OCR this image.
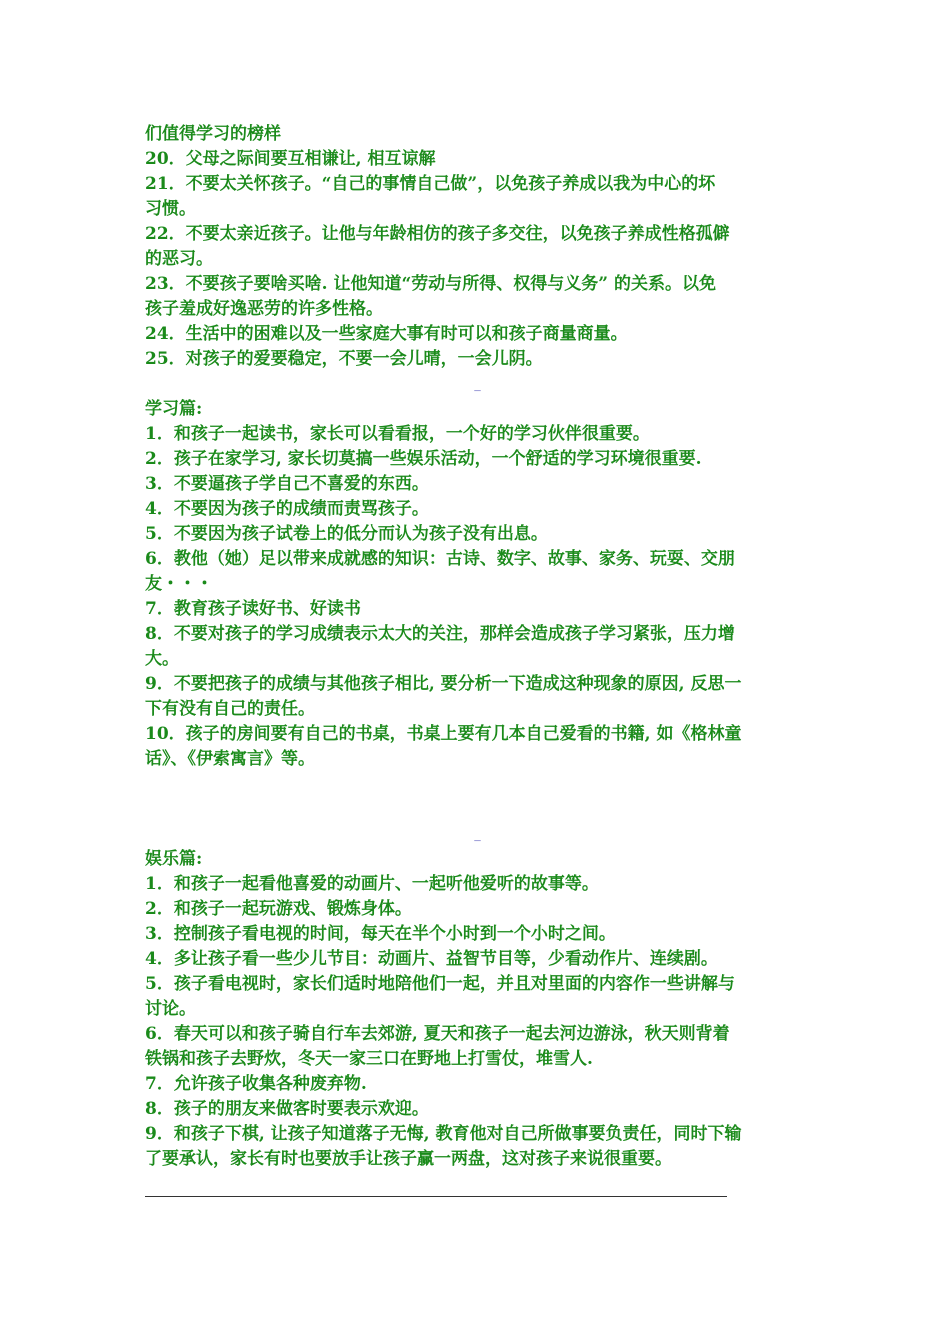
们值得学习的榜样
20．父母之际间要互相谦让, 相互谅解
21．不要太关怀孩子。“自己的事情自己做”，以免孩子养成以我为中心的坏
习惯。
22．不要太亲近孩子。让他与年龄相仿的孩子多交往，以免孩子养成性格孤僻
的恶习。
23．不要孩子要啥买啥. 让他知道“劳动与所得、权得与义务” 的关系。以免
孩子羞成好逸恶劳的许多性格。
24．生活中的困难以及一些家庭大事有时可以和孩子商量商量。
25．对孩子的爱要稳定，不要一会儿晴，一会儿阴。
_
学习篇:
1．和孩子一起读书，家长可以看看报，一个好的学习伙伴很重要。
2．孩子在家学习, 家长切莫搞一些娱乐活动，一个舒适的学习环境很重要.
3．不要逼孩子学自己不喜爱的东西。
4．不要因为孩子的成绩而责骂孩子。
5．不要因为孩子试卷上的低分而认为孩子没有出息。
6．教他（她）足以带来成就感的知识：古诗、数字、故事、家务、玩耍、交朋
友・・・
7．教育孩子读好书、好读书
8．不要对孩子的学习成绩表示太大的关注，那样会造成孩子学习紧张，压力增
大。
9．不要把孩子的成绩与其他孩子相比, 要分析一下造成这种现象的原因, 反思一
下有没有自己的责任。
10．孩子的房间要有自己的书桌，书桌上要有几本自己爱看的书籍, 如《格林童
话》、《伊索寓言》等。
_
娱乐篇:
1．和孩子一起看他喜爱的动画片、一起听他爱听的故事等。
2．和孩子一起玩游戏、锻炼身体。
3．控制孩子看电视的时间，每天在半个小时到一个小时之间。
4．多让孩子看一些少儿节目：动画片、益智节目等，少看动作片、连续剧。
5．孩子看电视时，家长们适时地陪他们一起，并且对里面的内容作一些讲解与
讨论。
6．春天可以和孩子骑自行车去郊游, 夏天和孩子一起去河边游泳，秋天则背着
铁锅和孩子去野炊，冬天一家三口在野地上打雪仗，堆雪人.
7．允许孩子收集各种废弃物.
8．孩子的朋友来做客时要表示欢迎。
9．和孩子下棋, 让孩子知道落子无悔, 教育他对自己所做事要负责任，同时下输
了要承认，家长有时也要放手让孩子赢一两盘，这对孩子来说很重要。
